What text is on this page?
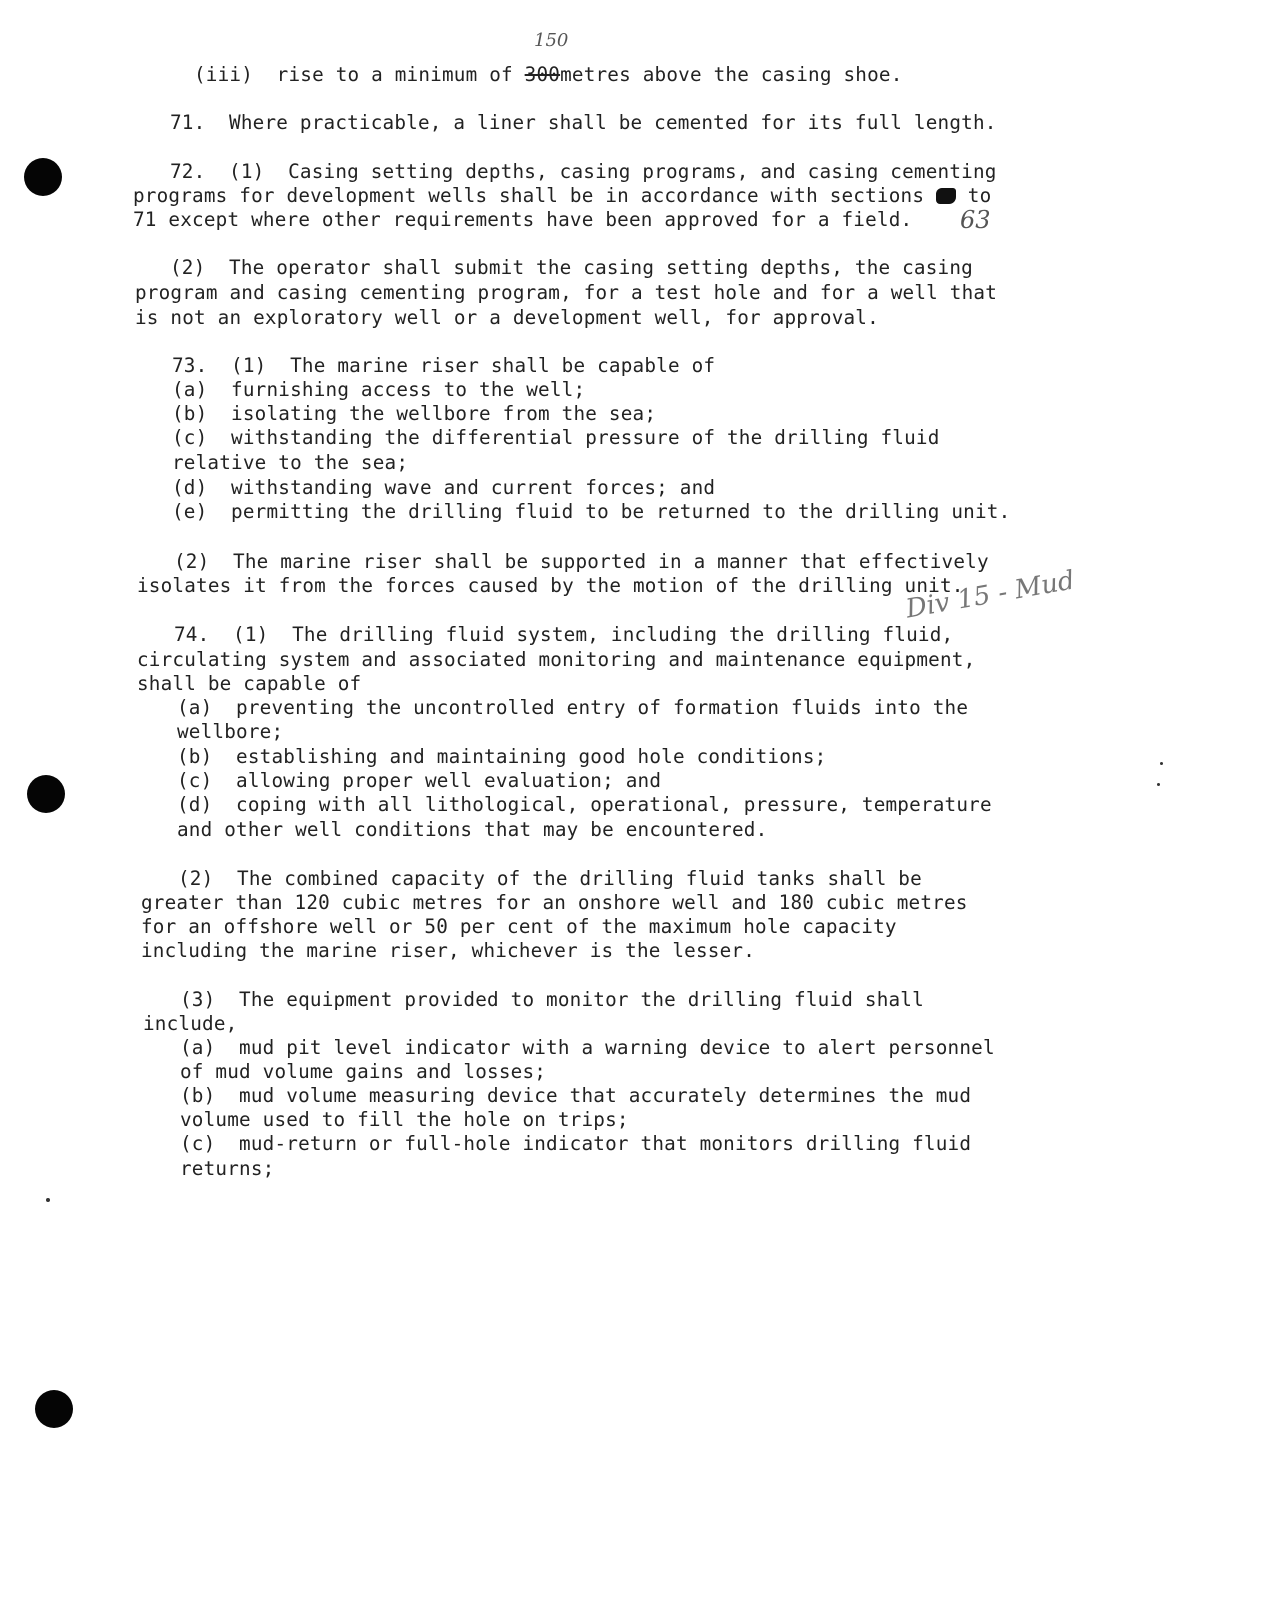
150
63
Div 15 - Mud
(iii)  rise to a minimum of 300metres above the casing shoe.
71.  Where practicable, a liner shall be cemented for its full length.
72.  (1)  Casing setting depths, casing programs, and casing cementing
programs for development wells shall be in accordance with sections  to
71 except where other requirements have been approved for a field.
(2)  The operator shall submit the casing setting depths, the casing
program and casing cementing program, for a test hole and for a well that
is not an exploratory well or a development well, for approval.
73.  (1)  The marine riser shall be capable of
(a)  furnishing access to the well;
(b)  isolating the wellbore from the sea;
(c)  withstanding the differential pressure of the drilling fluid
relative to the sea;
(d)  withstanding wave and current forces; and
(e)  permitting the drilling fluid to be returned to the drilling unit.
(2)  The marine riser shall be supported in a manner that effectively
isolates it from the forces caused by the motion of the drilling unit.
74.  (1)  The drilling fluid system, including the drilling fluid,
circulating system and associated monitoring and maintenance equipment,
shall be capable of
(a)  preventing the uncontrolled entry of formation fluids into the
wellbore;
(b)  establishing and maintaining good hole conditions;
(c)  allowing proper well evaluation; and
(d)  coping with all lithological, operational, pressure, temperature
and other well conditions that may be encountered.
(2)  The combined capacity of the drilling fluid tanks shall be
greater than 120 cubic metres for an onshore well and 180 cubic metres
for an offshore well or 50 per cent of the maximum hole capacity
including the marine riser, whichever is the lesser.
(3)  The equipment provided to monitor the drilling fluid shall
include,
(a)  mud pit level indicator with a warning device to alert personnel
of mud volume gains and losses;
(b)  mud volume measuring device that accurately determines the mud
volume used to fill the hole on trips;
(c)  mud-return or full-hole indicator that monitors drilling fluid
returns;
